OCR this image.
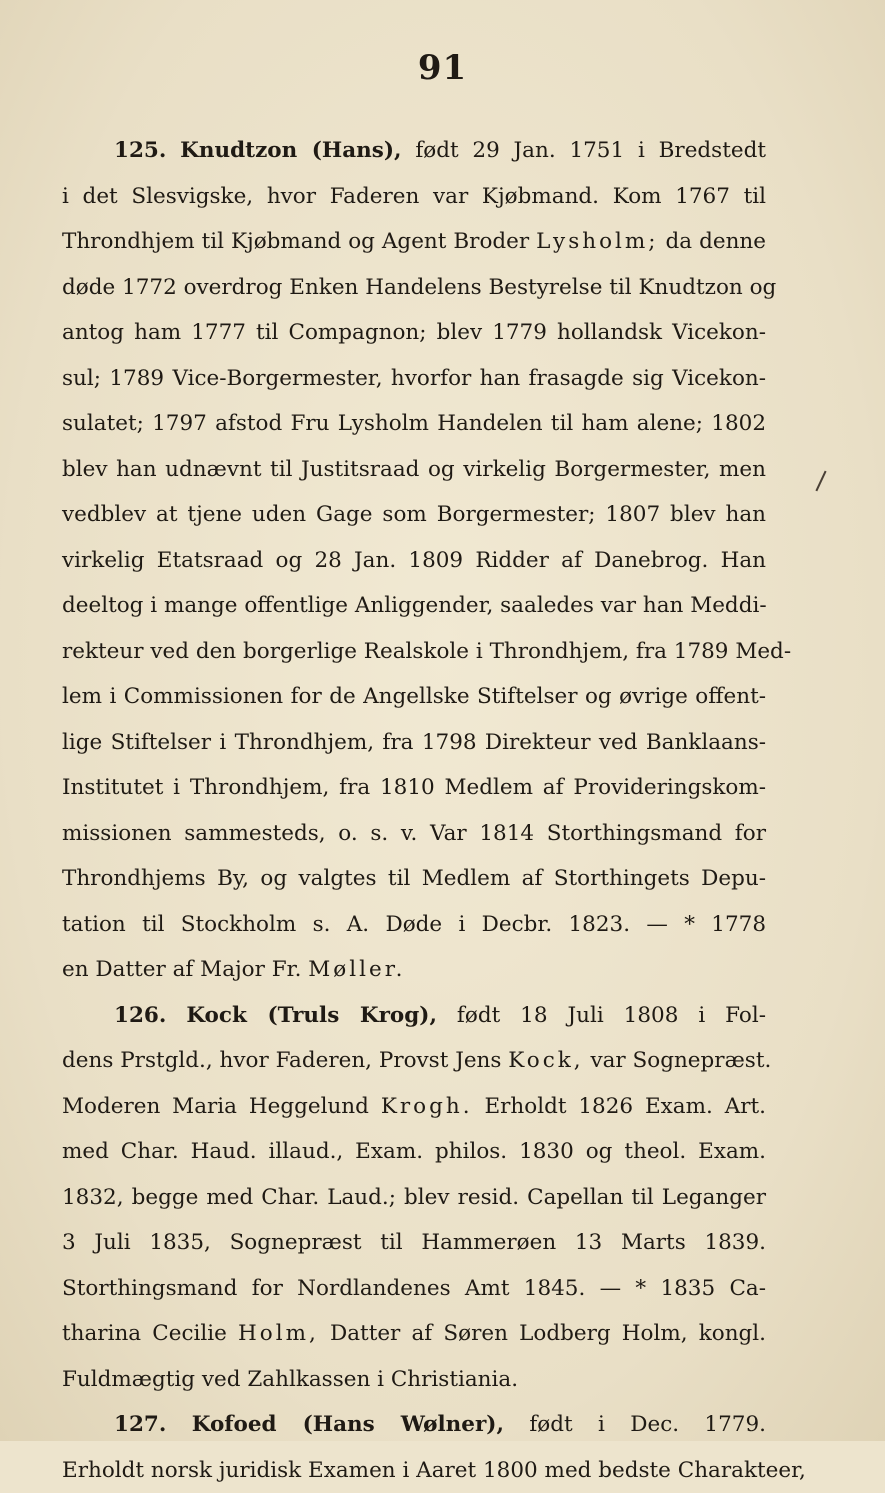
91
125. Knudtzon (Hans), født 29 Jan. 1751 i Bredstedt
i det Slesvigske, hvor Faderen var Kjøbmand. Kom 1767 til
Throndhjem til Kjøbmand og Agent Broder Lysholm; da denne
døde 1772 overdrog Enken Handelens Bestyrelse til Knudtzon og
antog ham 1777 til Compagnon; blev 1779 hollandsk Vicekon-
sul; 1789 Vice-Borgermester, hvorfor han frasagde sig Vicekon-
sulatet; 1797 afstod Fru Lysholm Handelen til ham alene; 1802
blev han udnævnt til Justitsraad og virkelig Borgermester, men
vedblev at tjene uden Gage som Borgermester; 1807 blev han
virkelig Etatsraad og 28 Jan. 1809 Ridder af Danebrog. Han
deeltog i mange offentlige Anliggender, saaledes var han Meddi-
rekteur ved den borgerlige Realskole i Throndhjem, fra 1789 Med-
lem i Commissionen for de Angellske Stiftelser og øvrige offent-
lige Stiftelser i Throndhjem, fra 1798 Direkteur ved Banklaans-
Institutet i Throndhjem, fra 1810 Medlem af Provideringskom-
missionen sammesteds, o. s. v. Var 1814 Storthingsmand for
Throndhjems By, og valgtes til Medlem af Storthingets Depu-
tation til Stockholm s. A. Døde i Decbr. 1823. — * 1778
en Datter af Major Fr. Møller.
126. Kock (Truls Krog), født 18 Juli 1808 i Fol-
dens Prstgld., hvor Faderen, Provst Jens Kock, var Sognepræst.
Moderen Maria Heggelund Krogh. Erholdt 1826 Exam. Art.
med Char. Haud. illaud., Exam. philos. 1830 og theol. Exam.
1832, begge med Char. Laud.; blev resid. Capellan til Leganger
3 Juli 1835, Sognepræst til Hammerøen 13 Marts 1839.
Storthingsmand for Nordlandenes Amt 1845. — * 1835 Ca-
tharina Cecilie Holm, Datter af Søren Lodberg Holm, kongl.
Fuldmægtig ved Zahlkassen i Christiania.
127. Kofoed (Hans Wølner), født i Dec. 1779.
Erholdt norsk juridisk Examen i Aaret 1800 med bedste Charakteer,
